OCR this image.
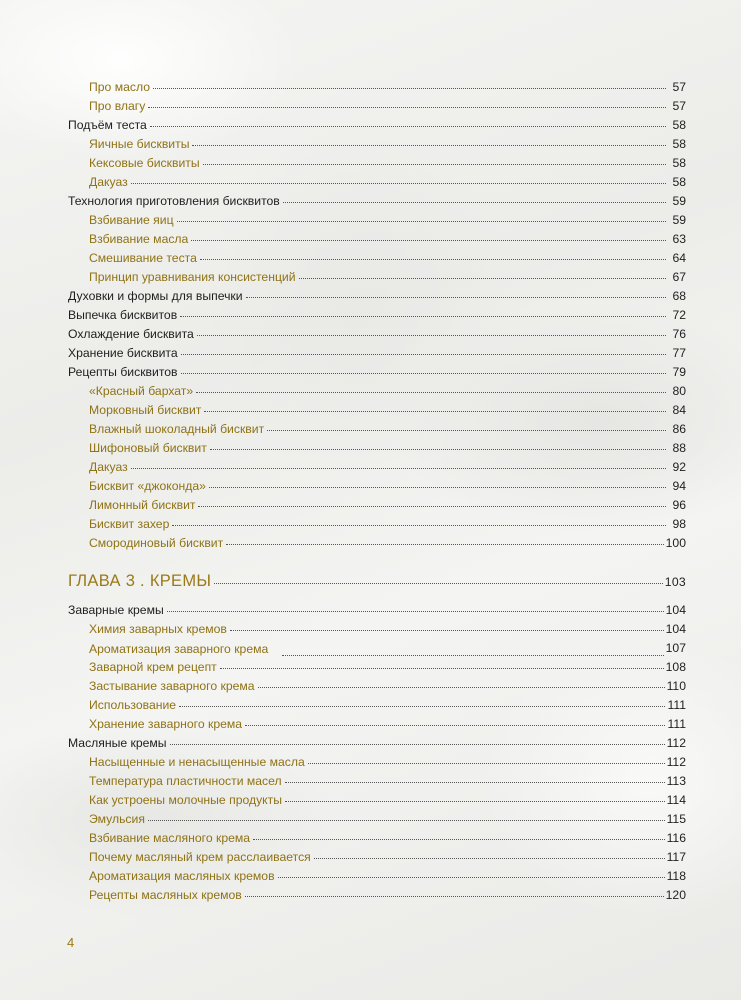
Про масло	57
Про влагу	57
Подъём теста	58
Яичные бисквиты	58
Кексовые бисквиты	58
Дакуаз	58
Технология приготовления бисквитов	59
Взбивание яиц	59
Взбивание масла	63
Смешивание теста	64
Принцип уравнивания консистенций	67
Духовки и формы для выпечки	68
Выпечка бисквитов	72
Охлаждение бисквита	76
Хранение бисквита	77
Рецепты бисквитов	79
«Красный бархат»	80
Морковный бисквит	84
Влажный шоколадный бисквит	86
Шифоновый бисквит	88
Дакуаз	92
Бисквит «джоконда»	94
Лимонный бисквит	96
Бисквит захер	98
Смородиновый бисквит	100
ГЛАВА 3 . КРЕМЫ	103
Заварные кремы	104
Химия заварных кремов	104
Ароматизация заварного крема	107
Заварной крем рецепт	108
Застывание заварного крема	110
Использование	111
Хранение заварного крема	111
Масляные кремы	112
Насыщенные и ненасыщенные масла	112
Температура пластичности масел	113
Как устроены молочные продукты	114
Эмульсия	115
Взбивание масляного крема	116
Почему масляный крем расслаивается	117
Ароматизация масляных кремов	118
Рецепты масляных кремов	120
4
